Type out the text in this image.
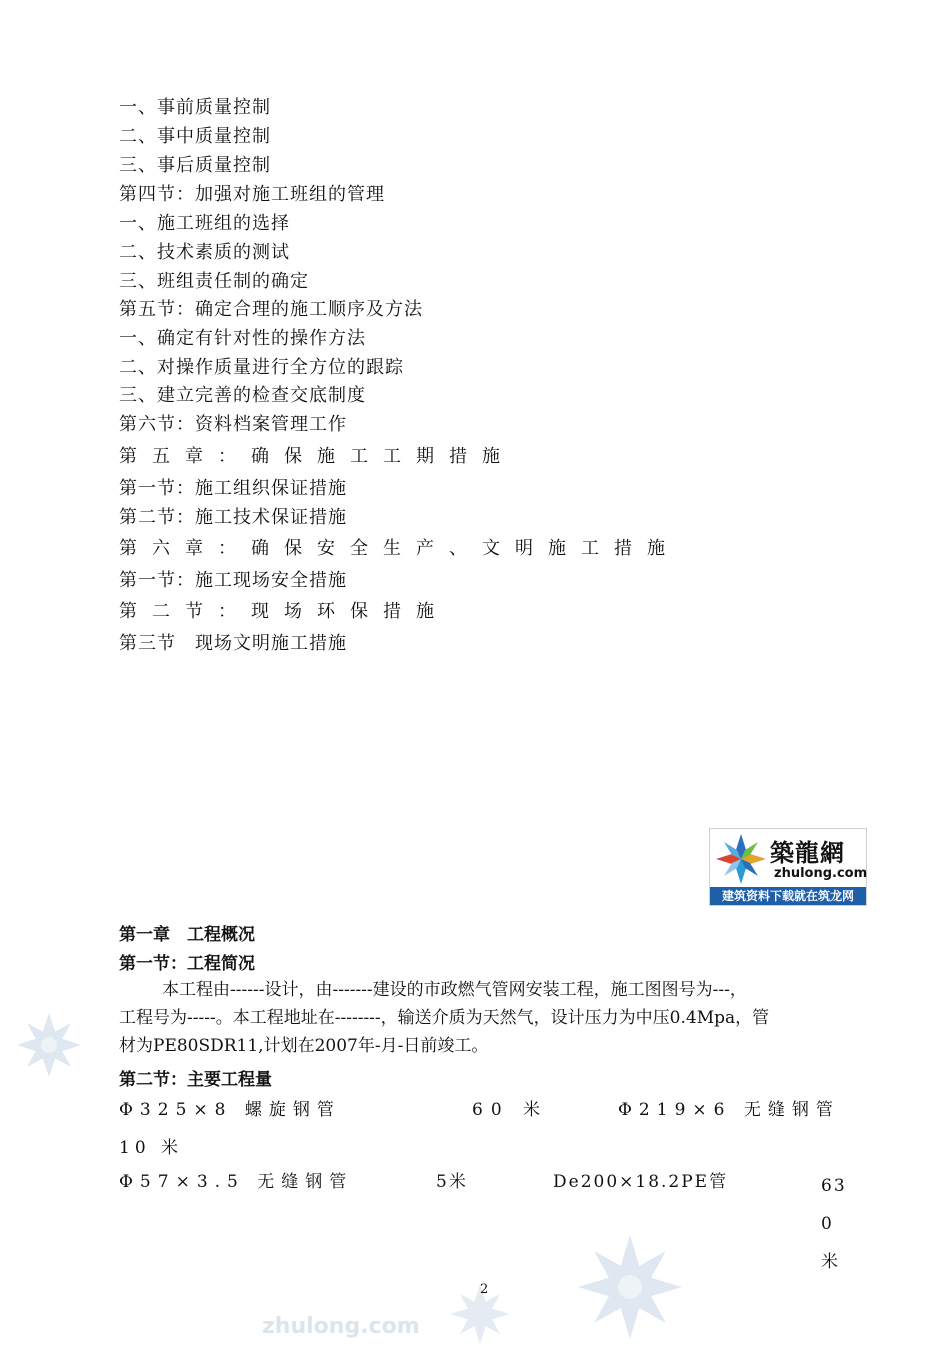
zhulong.com
一、事前质量控制
二、事中质量控制
三、事后质量控制
第四节：加强对施工班组的管理
一、施工班组的选择
二、技术素质的测试
三、班组责任制的确定
第五节：确定合理的施工顺序及方法
一、确定有针对性的操作方法
二、对操作质量进行全方位的跟踪
三、建立完善的检查交底制度
第六节：资料档案管理工作
第五章：确保施工工期措施
第一节：施工组织保证措施
第二节：施工技术保证措施
第六章：确保安全生产、文明施工措施
第一节：施工现场安全措施
第二节：现场环保措施
第三节　现场文明施工措施
築龍網
zhulong.com
建筑资料下载就在筑龙网
第一章　工程概况
第一节：工程简况
本工程由------设计，由-------建设的市政燃气管网安装工程，施工图图号为---，
工程号为-----。本工程地址在--------，输送介质为天然气，设计压力为中压0.4Mpa，管
材为PE80SDR11,计划在2007年-月-日前竣工。
第二节：主要工程量
Φ325×8 螺旋钢管	60 米	Φ219×6 无缝钢管
10 米
Φ57×3.5 无缝钢管	5米	De200×18.2PE管	630米
2
